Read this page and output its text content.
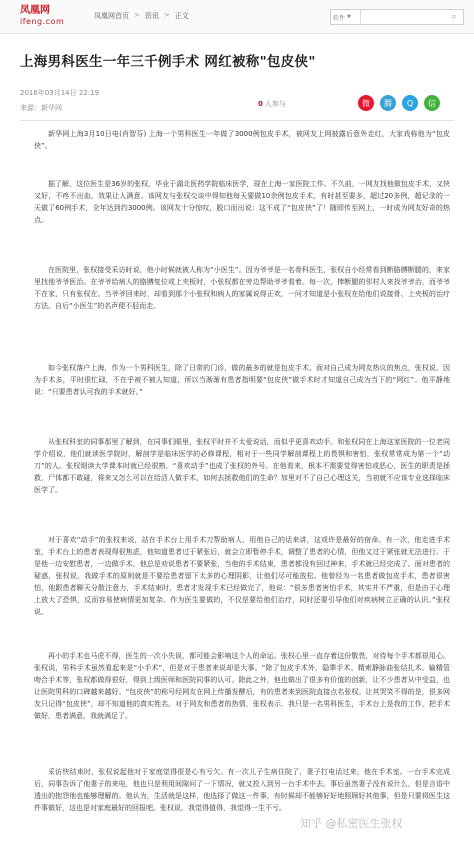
凤凰网
ifeng.com
凤凰网首页 > 资讯 > 正文	软件 ▼	⌕
上海男科医生一年三千例手术 网红被称"包皮侠"
2016年03月14日 22:19
来源：新华网	0 人参与	微	腾	Q	信

新华网上海3月10日电(肖智芬) 上海一个男科医生一年做了3000例包皮手术，被网友上网披露后意外走红，大家戏称他为“包皮侠”。

据了解，这位医生是36岁的张权，毕业于湖北医药学院临床医学，现在上海一家医院工作。不久前，一网友找他做包皮手术，又快又好，不疼不出血，效果让人满意。该网友与张权交谈中得知他每天要做10余例包皮手术，有时甚至要多，超过20多例，超记录的一天做了60例手术，全年达到约3000例。该网友十分惊叹，脱口而出说：这不成了“包皮侠”了！随即传至网上，一时成为网友好奇的热点。

在医院里，张权接受采访时说，他小时候就被人称为“小医生”。因为爷爷是一名骨科医生，张权自小经常看到断胳膊断腿的，来家里找他爷爷医治。在爷爷给病人的胳膊复位或上夹板时，小张权都在旁边帮助爷爷看着。每一次，捧断腿的邻村人来找爷爷治，而爷爷不在家，只有张权在。当爷爷回来时，却看到那个小张权和病人的家属说得正欢，一问才知道是小张权在给他们说接骨、上夹板的治疗方法。自后“小医生”的名声便不胫而走。

如今张权落户上海，作为一个男科医生，除了日常的门诊，做的最多的就是包皮手术。面对自己成为网友热议的焦点，张权说，因为手术多，平时很忙碌，不在乎被不被人知道，所以当渐渐有患者指明要“包皮侠”做手术时才知道自己成为当下的“网红”。他平静地说：“只要患者认可我的手术就好。”

从张权科室的同事那里了解到，在同事们眼里，张权平时并不太爱说话，而似乎更喜欢动手。和张权同在上海这家医院的一位老同学介绍说，他们就读医学院时，解剖学是临床医学的必修课程，相对于一些同学解剖课程上的畏惧和害怕，张权常常成为第一个“动刀”的人。张权细读大学课本时就已经很熟，“喜欢动手”也成了张权的外号。在他看来，根本不需要觉得害怕或恶心，医生的职责是拯救，尸体都不敢碰，将来又怎么可以在给活人做手术，如何去拯救他们的生命？加里对不了自己心理这关，当初就不应该专业选择临床医学了。

对于喜欢“动手”的张权来说，站在手术台上用手术刀帮助病人，用他自己的话来讲，这或许是最好的宿命。有一次，他走进手术室，手术台上的患者表现得很焦虑，他知道患者过于紧张后，就会立即暂停手术，调整了患者的心情，但他又过于紧张就无法进行。于是他一边安慰患者，一边做手术，他总是劝说患者不要紧张，当他的手术结束，患者都没有回过神来，手术就已经完成了。面对患者的疑惑，张权说，我做手术的原则就是不要给患者留下太多的心理阴影，让他们尽可能放松。他曾经为一名患者做包皮手术，患者很害怕，他跟患者聊天分散注意力，手术结束时，患者才发现手术已经做完了，他说：“很多患者害怕手术，其实并不严重，但是由于心理上放大了恐惧，反而容易使病情更加复杂。作为医生要做的，不仅是要给他们治疗，同时还要引导他们对疾病树立正确的认识。”张权说。

再小的手术也马虎不得，医生的一次小失误，都可能会影响这个人的命运。张权心里一直存着这份敬畏，对待每个手术都很用心。张权说，男科手术虽然看起来是“小手术”，但是对于患者来说却是大事。“除了包皮手术外，隐睾手术、精索静脉曲张结扎术、输精管吻合手术等，张权都做得很好，得到上级医师和医院同事的认可。除此之外，他也做出了很多有价值的创新，让不少患者从中受益，也让医院男科的口碑越来越好。“包皮侠”的称号经网友在网上传播发酵后，有的患者来到医院直接点名张权。让其哭笑不得的是，很多网友只记得“包皮侠”，却不知道他的真实姓名。对于网友和患者的热情，张权表示，我只是一名男科医生，手术台上是我的工作，把手术做好，患者满意，我就满足了。

采访快结束时，张权说起他对于家庭觉得很是心有亏欠。有一次儿子生病住院了，妻子打电话过来，他在手术室。一台手术完成后，同事告诉了他妻子的来电，他也只是利用间隙问了一下情况，就又投入到另一台手术中去。事后虽然妻子没有说什么，但是言语中透出的抱怨他也能够理解的。他认为，生活就是这样，他选择了做这一件事，有时候却不能够好好地照顾好其他事，但是只要将医生这件事做好，这也是对家庭最好的回报吧。张权说，我觉得值得，我觉得一生不亏。

知乎 @私密医生张权
